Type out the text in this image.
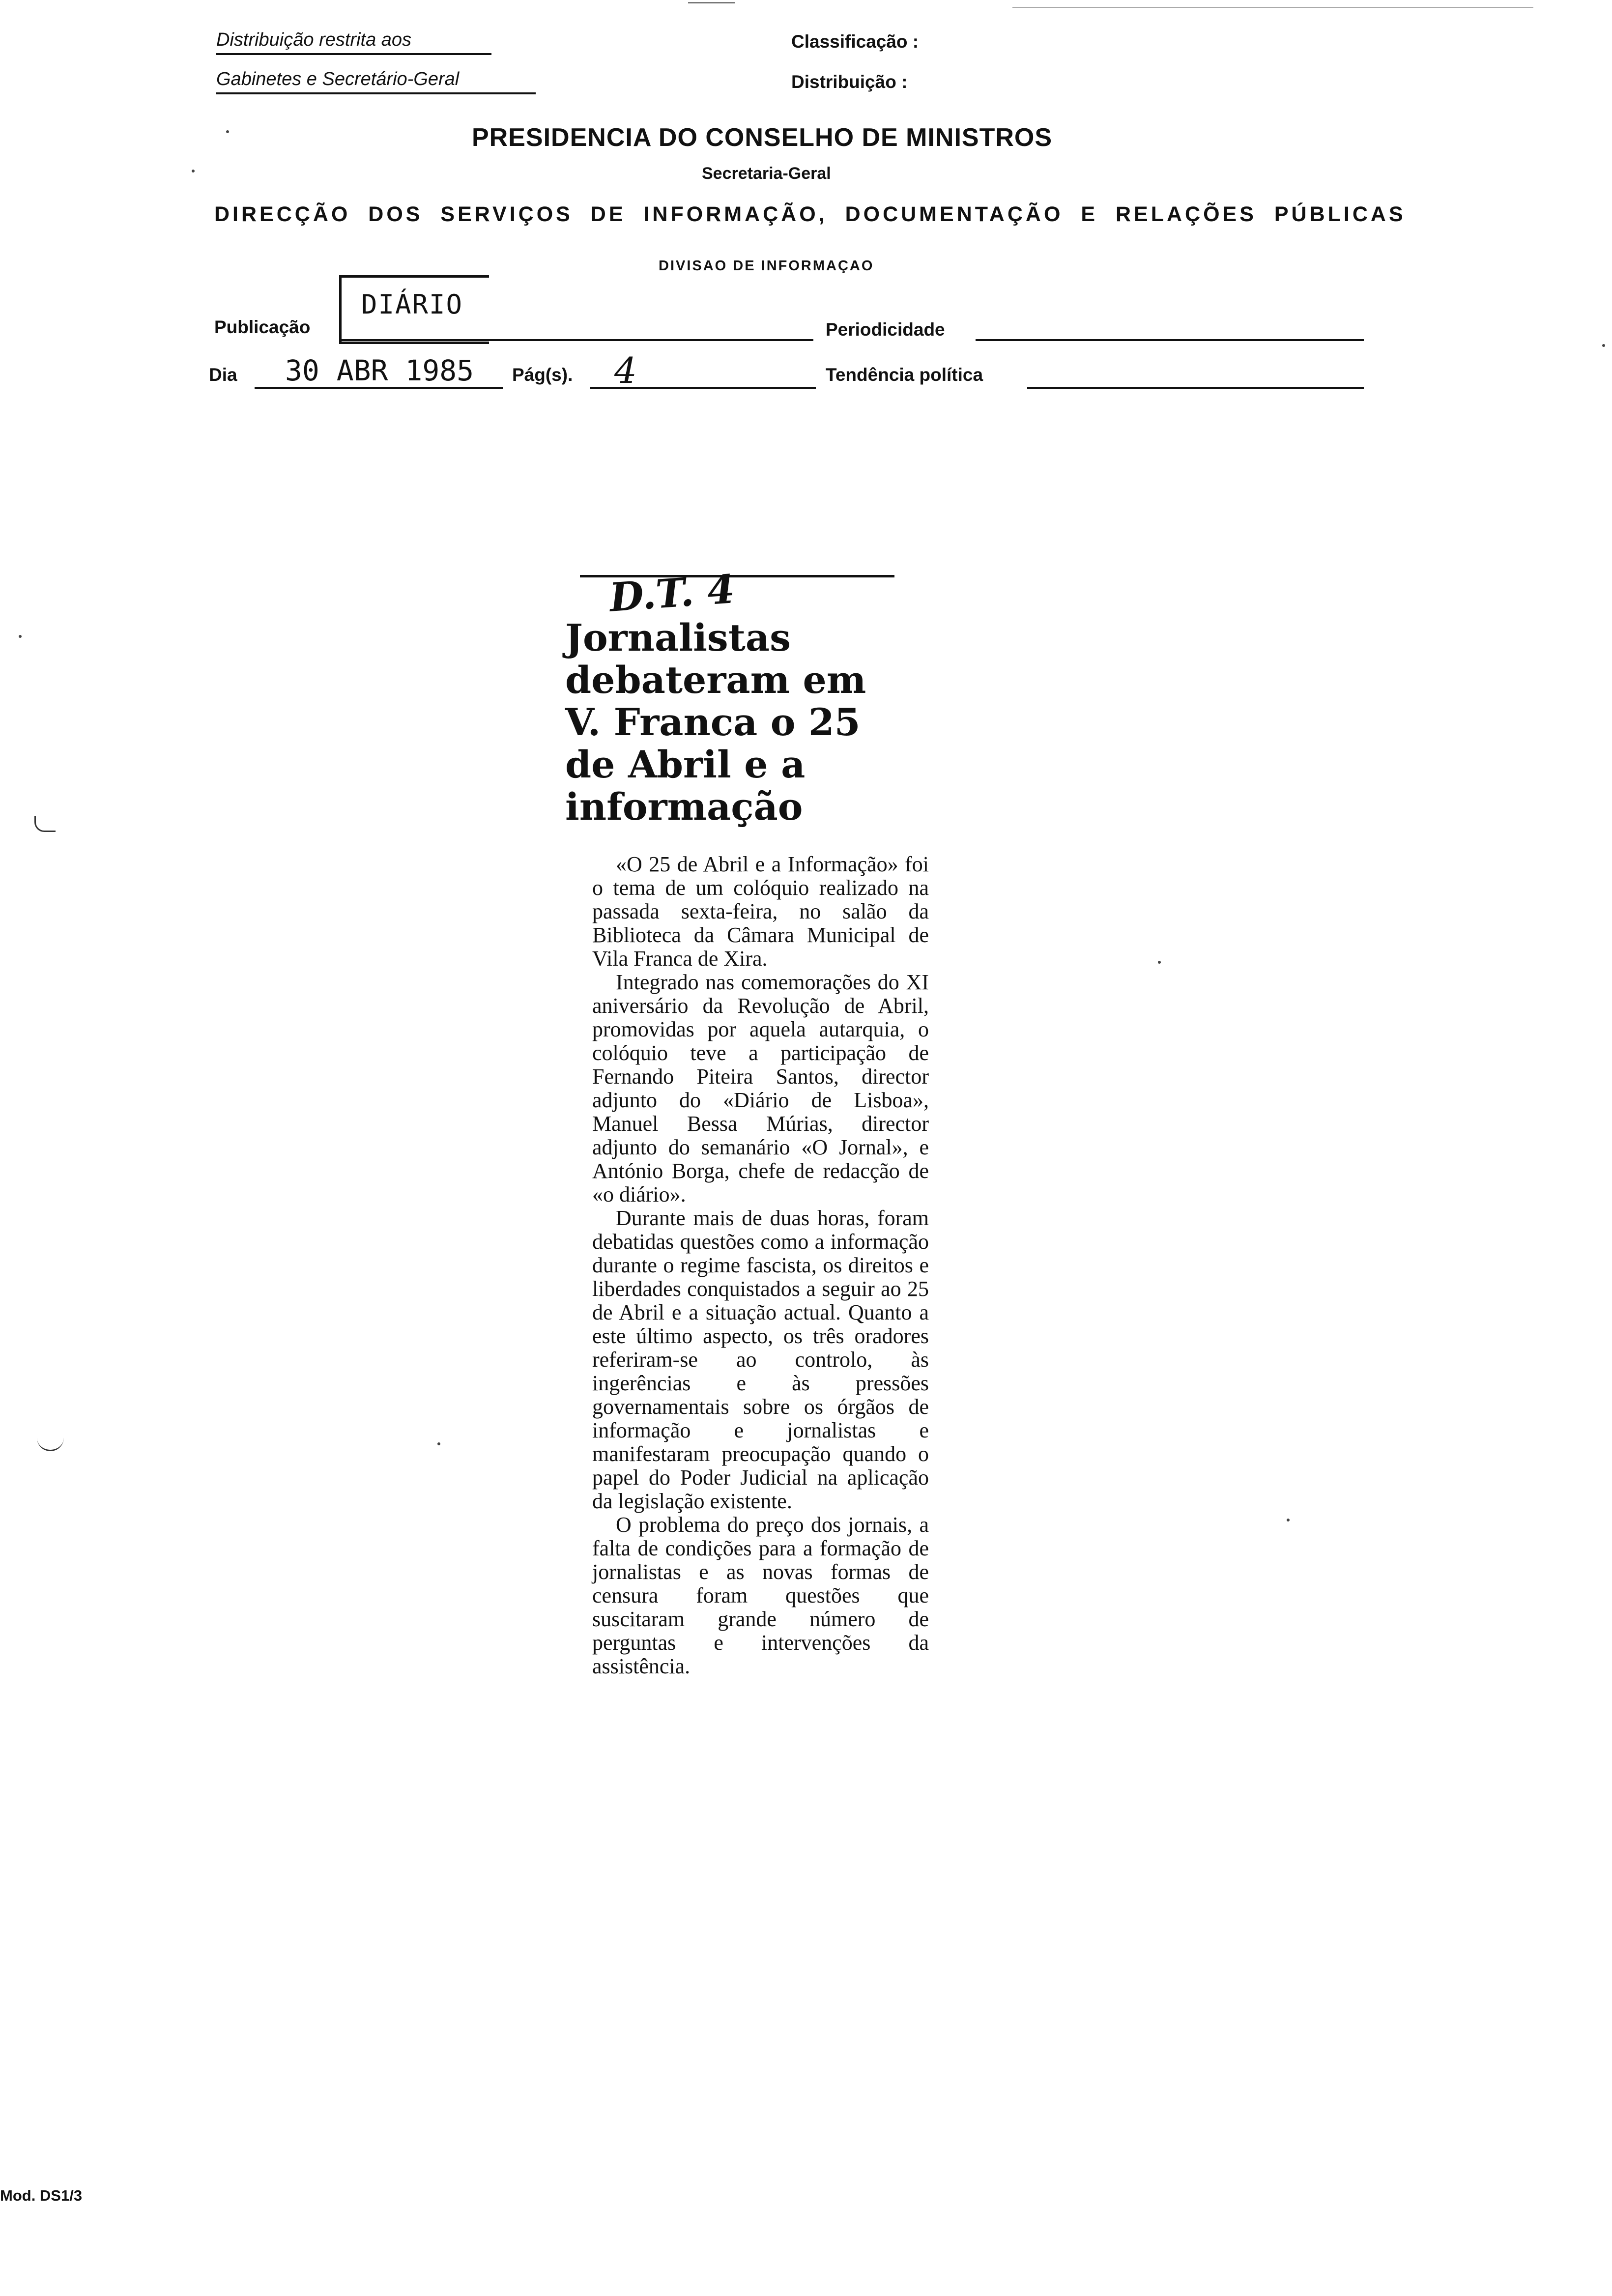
Distribuição restrita aos
Gabinetes e Secretário-Geral
Classificação :
Distribuição :
PRESIDENCIA DO CONSELHO DE MINISTROS
Secretaria-Geral
DIRECÇÃO DOS SERVIÇOS DE INFORMAÇÃO, DOCUMENTAÇÃO E RELAÇÕES PÚBLICAS
DIVISAO DE INFORMAÇAO
Publicação
DIÁRIO
Periodicidade
Dia 30 ABR 1985 Pág(s). 4	Tendência política
D.T. 4
Jornalistas debateram em V. Franca o 25 de Abril e a informação

«O 25 de Abril e a Informação» foi o tema de um colóquio realizado na passada sexta-feira, no salão da Biblioteca da Câmara Municipal de Vila Franca de Xira.

Integrado nas comemorações do XI aniversário da Revolução de Abril, promovidas por aquela autarquia, o colóquio teve a participação de Fernando Piteira Santos, director adjunto do «Diário de Lisboa», Manuel Bessa Múrias, director adjunto do semanário «O Jornal», e António Borga, chefe de redacção de «o diário».

Durante mais de duas horas, foram debatidas questões como a informação durante o regime fascista, os direitos e liberdades conquistados a seguir ao 25 de Abril e a situação actual. Quanto a este último aspecto, os três oradores referiram-se ao controlo, às ingerências e às pressões governamentais sobre os órgãos de informação e jornalistas e manifestaram preocupação quando o papel do Poder Judicial na aplicação da legislação existente.

O problema do preço dos jornais, a falta de condições para a formação de jornalistas e as novas formas de censura foram questões que suscitaram grande número de perguntas e intervenções da assistência.

Mod. DS1/3
